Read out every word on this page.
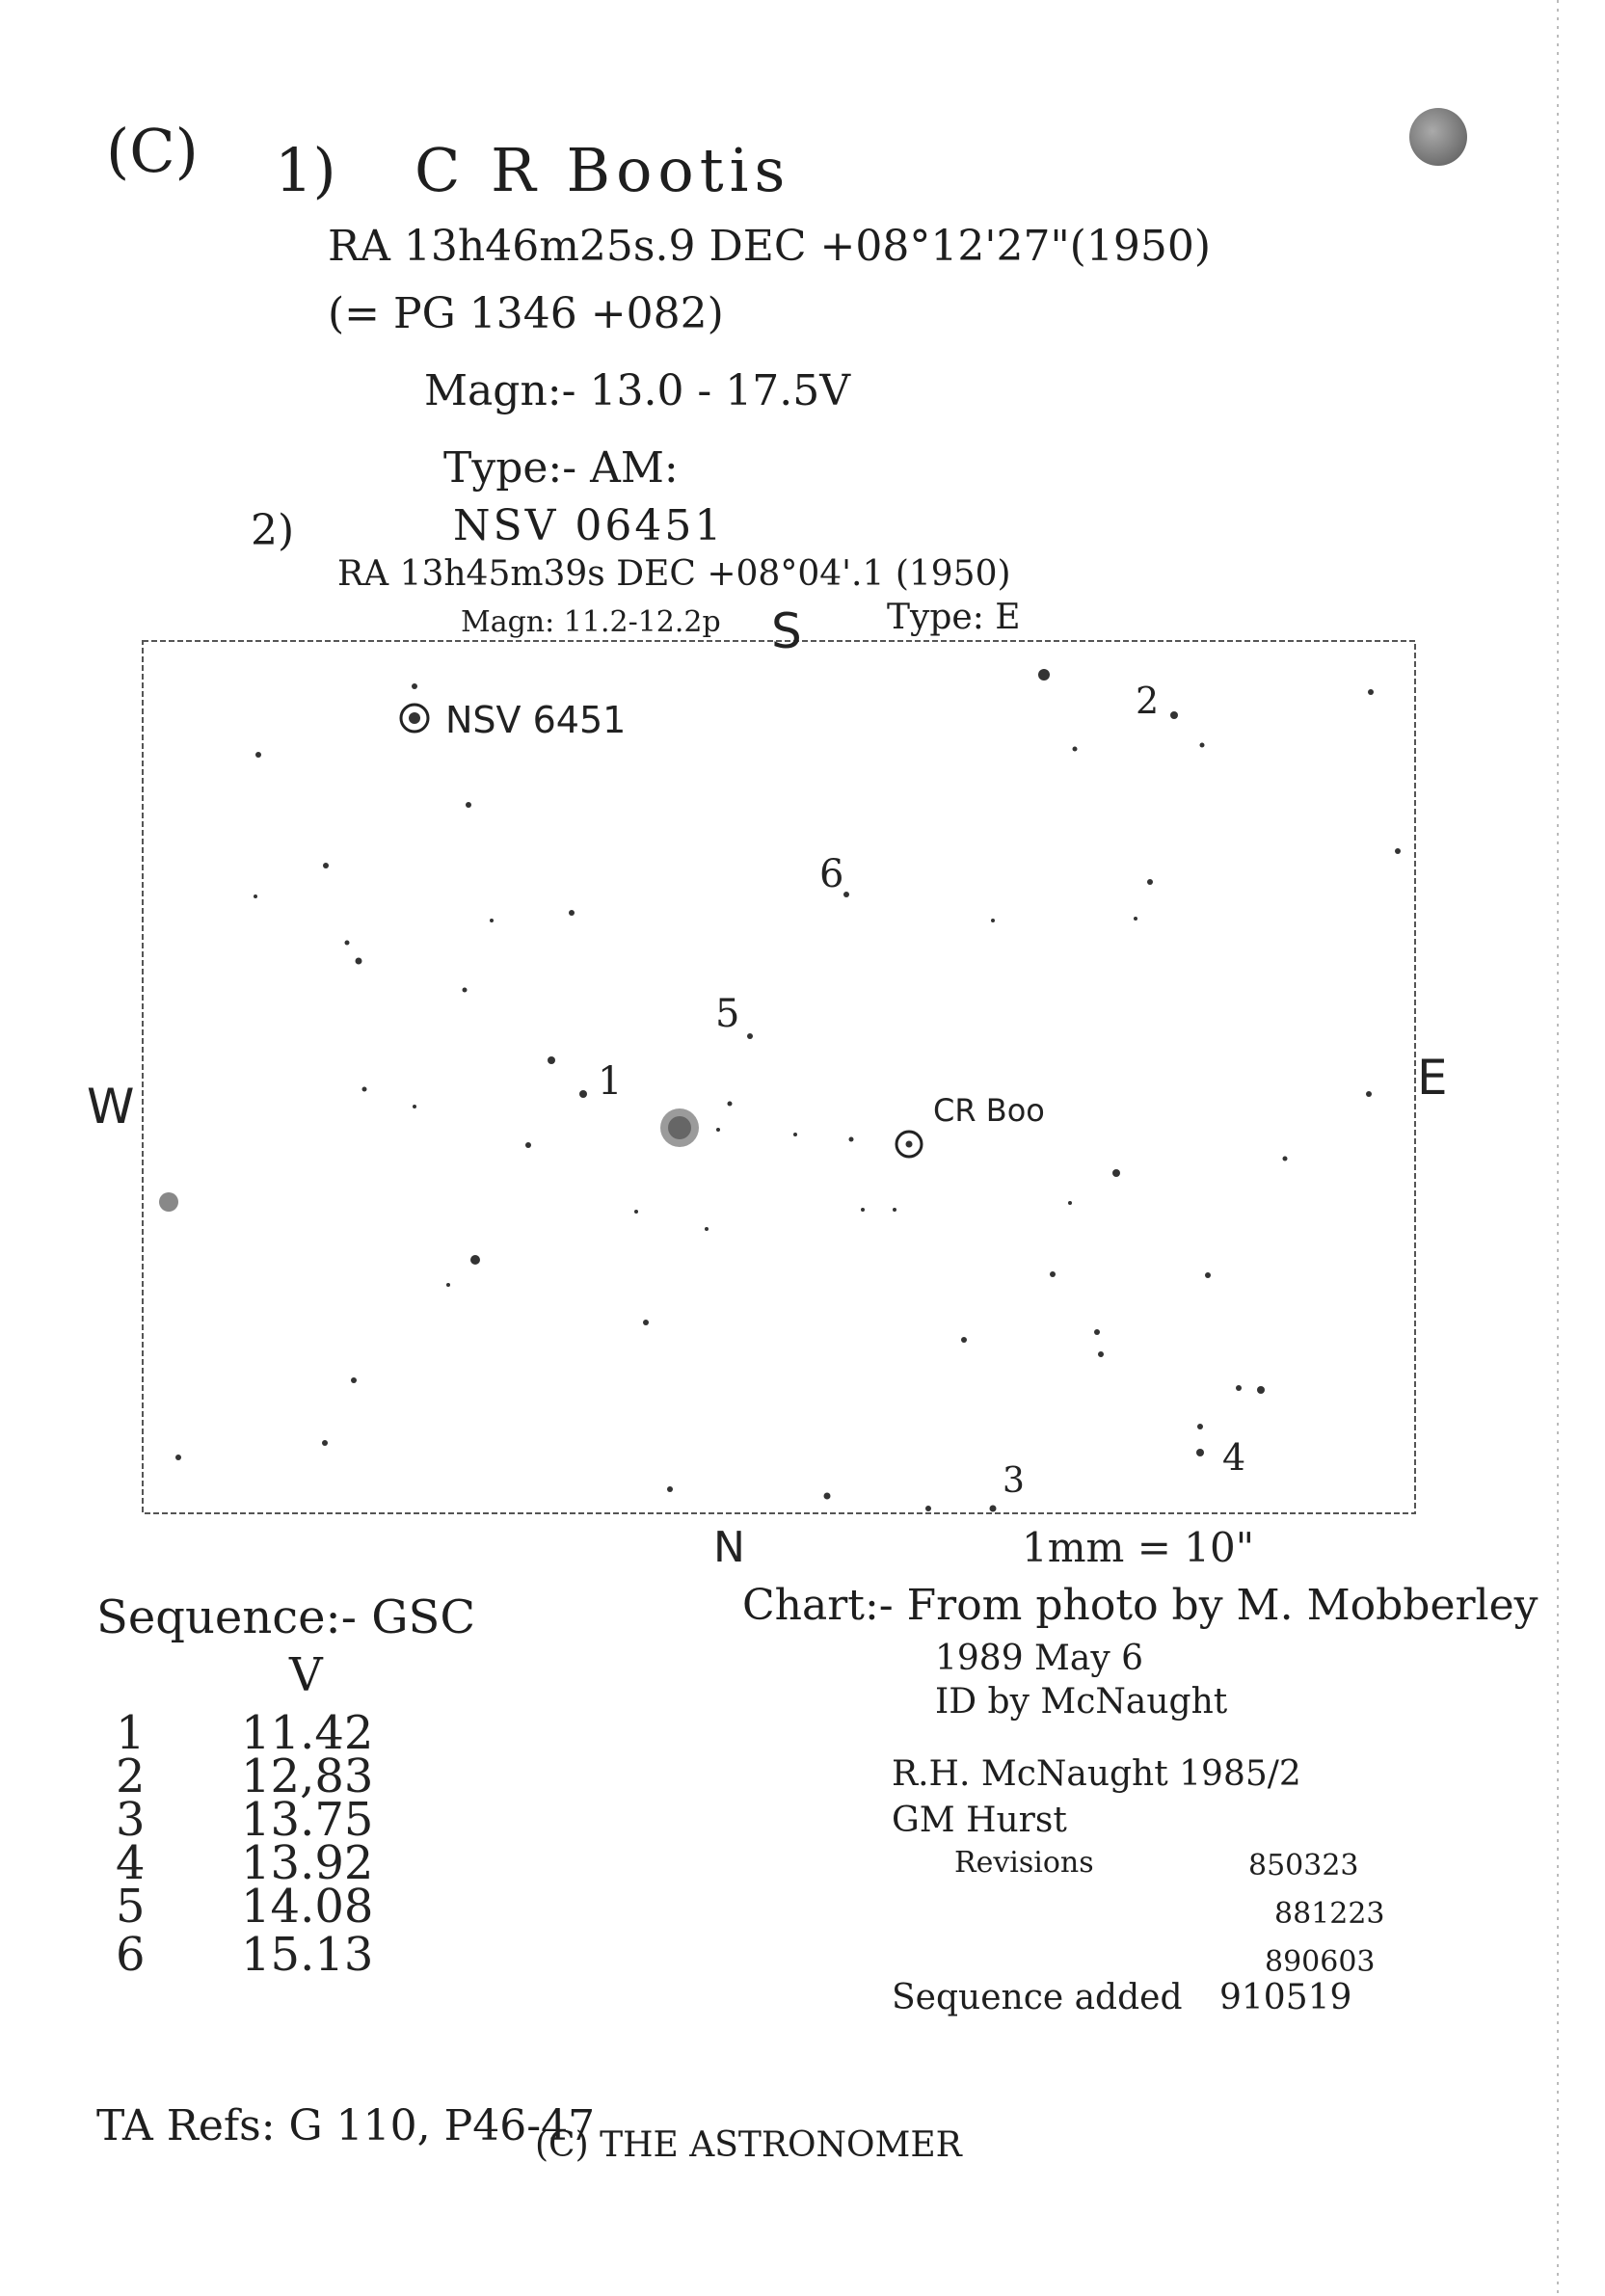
(C) 1) C R Bootis
RA 13h46m25s.9 DEC +08°12'27"(1950)
(= PG 1346 +082)
Magn:- 13.0 - 17.5V
Type:- AM:
2)	NSV 06451
RA 13h45m39s DEC +08°04'.1 (1950)
Magn: 11.2-12.2p	Type: E
S
N
E
W
1mm = 10"
NSV 6451
CR Boo
1
2
3
4
5
6
Sequence:- GSC
V
1 11.42
2 12,83
3 13.75
4 13.92
5 14.08
6 15.13
Chart:- From photo by M. Mobberley
1989 May 6
ID by McNaught
R.H. McNaught 1985/2
GM Hurst
Revisions	850323
881223
890603
Sequence added 910519
TA Refs: G 110, P46-47
(C) THE ASTRONOMER
